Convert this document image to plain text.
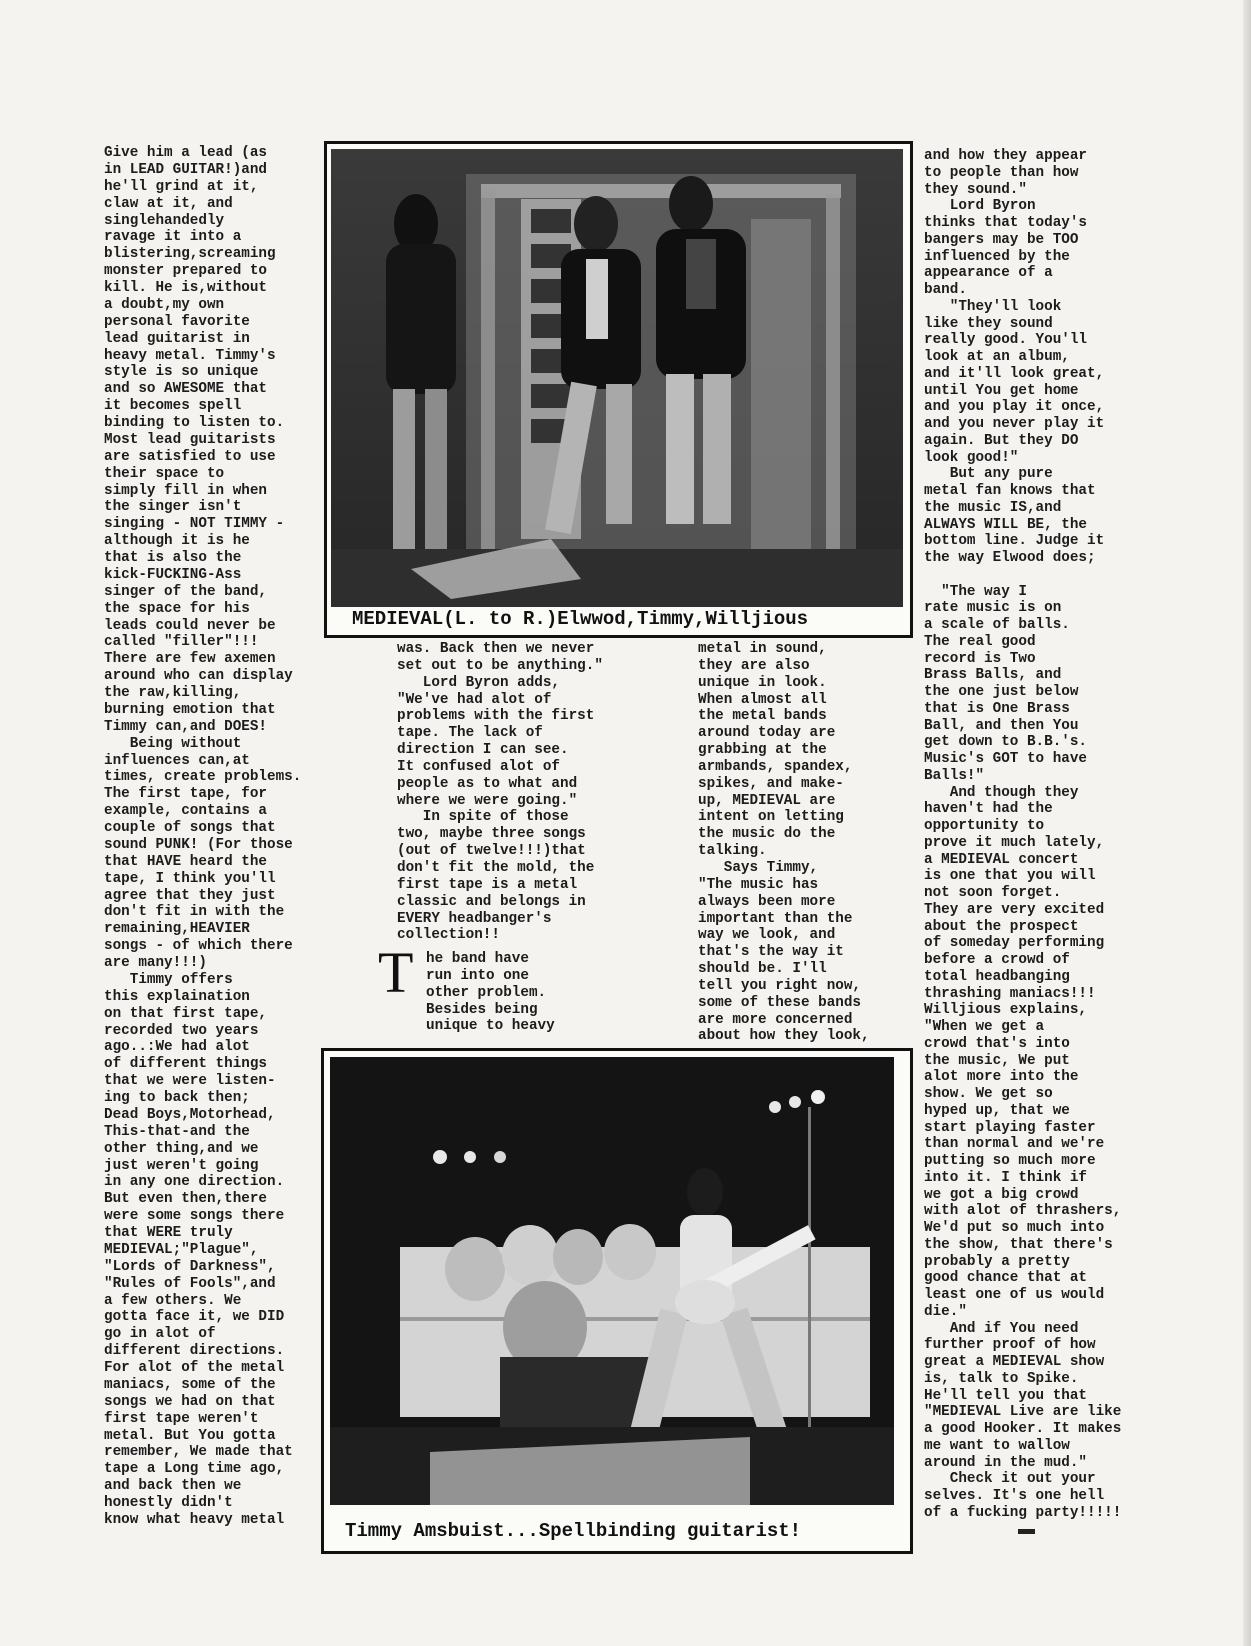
Give him a lead (as

in LEAD GUITAR!)and

he'll grind at it,

claw at it, and

singlehandedly

ravage it into a

blistering,screaming

monster prepared to

kill. He is,without

a doubt,my own

personal favorite

lead guitarist in

heavy metal. Timmy's

style is so unique

and so AWESOME that

it becomes spell

binding to listen to.

Most lead guitarists

are satisfied to use

their space to

simply fill in when

the singer isn't

singing - NOT TIMMY -

although it is he

that is also the

kick-FUCKING-Ass

singer of the band,

the space for his

leads could never be

called "filler"!!!

There are few axemen

around who can display

the raw,killing,

burning emotion that

Timmy can,and DOES!

Being without

influences can,at

times, create problems.

The first tape, for

example, contains a

couple of songs that

sound PUNK! (For those

that HAVE heard the

tape, I think you'll

agree that they just

don't fit in with the

remaining,HEAVIER

songs - of which there

are many!!!)

Timmy offers

this explaination

on that first tape,

recorded two years

ago..:We had alot

of different things

that we were listen-

ing to back then;

Dead Boys,Motorhead,

This-that-and the

other thing,and we

just weren't going

in any one direction.

But even then,there

were some songs there

that WERE truly

MEDIEVAL;"Plague",

"Lords of Darkness",

"Rules of Fools",and

a few others. We

gotta face it, we DID

go in alot of

different directions.

For alot of the metal

maniacs, some of the

songs we had on that

first tape weren't

metal. But You gotta

remember, We made that

tape a Long time ago,

and back then we

honestly didn't

know what heavy metal

MEDIEVAL(L. to R.)Elwwod,Timmy,Willjious

was. Back then we never

set out to be anything."

Lord Byron adds,

"We've had alot of

problems with the first

tape. The lack of

direction I can see.

It confused alot of

people as to what and

where we were going."

In spite of those

two, maybe three songs

(out of twelve!!!)that

don't fit the mold, the

first tape is a metal

classic and belongs in

EVERY headbanger's

collection!!

T he band have

run into one

other problem.

Besides being

unique to heavy

metal in sound,

they are also

unique in look.

When almost all

the metal bands

around today are

grabbing at the

armbands, spandex,

spikes, and make-

up, MEDIEVAL are

intent on letting

the music do the

talking.

Says Timmy,

"The music has

always been more

important than the

way we look, and

that's the way it

should be. I'll

tell you right now,

some of these bands

are more concerned

about how they look,

Timmy Amsbuist...Spellbinding guitarist!

and how they appear

to people than how

they sound."

Lord Byron

thinks that today's

bangers may be TOO

influenced by the

appearance of a

band.

"They'll look

like they sound

really good. You'll

look at an album,

and it'll look great,

until You get home

and you play it once,

and you never play it

again. But they DO

look good!"

But any pure

metal fan knows that

the music IS,and

ALWAYS WILL BE, the

bottom line. Judge it

the way Elwood does;

"The way I

rate music is on

a scale of balls.

The real good

record is Two

Brass Balls, and

the one just below

that is One Brass

Ball, and then You

get down to B.B.'s.

Music's GOT to have

Balls!"

And though they

haven't had the

opportunity to

prove it much lately,

a MEDIEVAL concert

is one that you will

not soon forget.

They are very excited

about the prospect

of someday performing

before a crowd of

total headbanging

thrashing maniacs!!!

Willjious explains,

"When we get a

crowd that's into

the music, We put

alot more into the

show. We get so

hyped up, that we

start playing faster

than normal and we're

putting so much more

into it. I think if

we got a big crowd

with alot of thrashers,

We'd put so much into

the show, that there's

probably a pretty

good chance that at

least one of us would

die."

And if You need

further proof of how

great a MEDIEVAL show

is, talk to Spike.

He'll tell you that

"MEDIEVAL Live are like

a good Hooker. It makes

me want to wallow

around in the mud."

Check it out your

selves. It's one hell

of a fucking party!!!!!
